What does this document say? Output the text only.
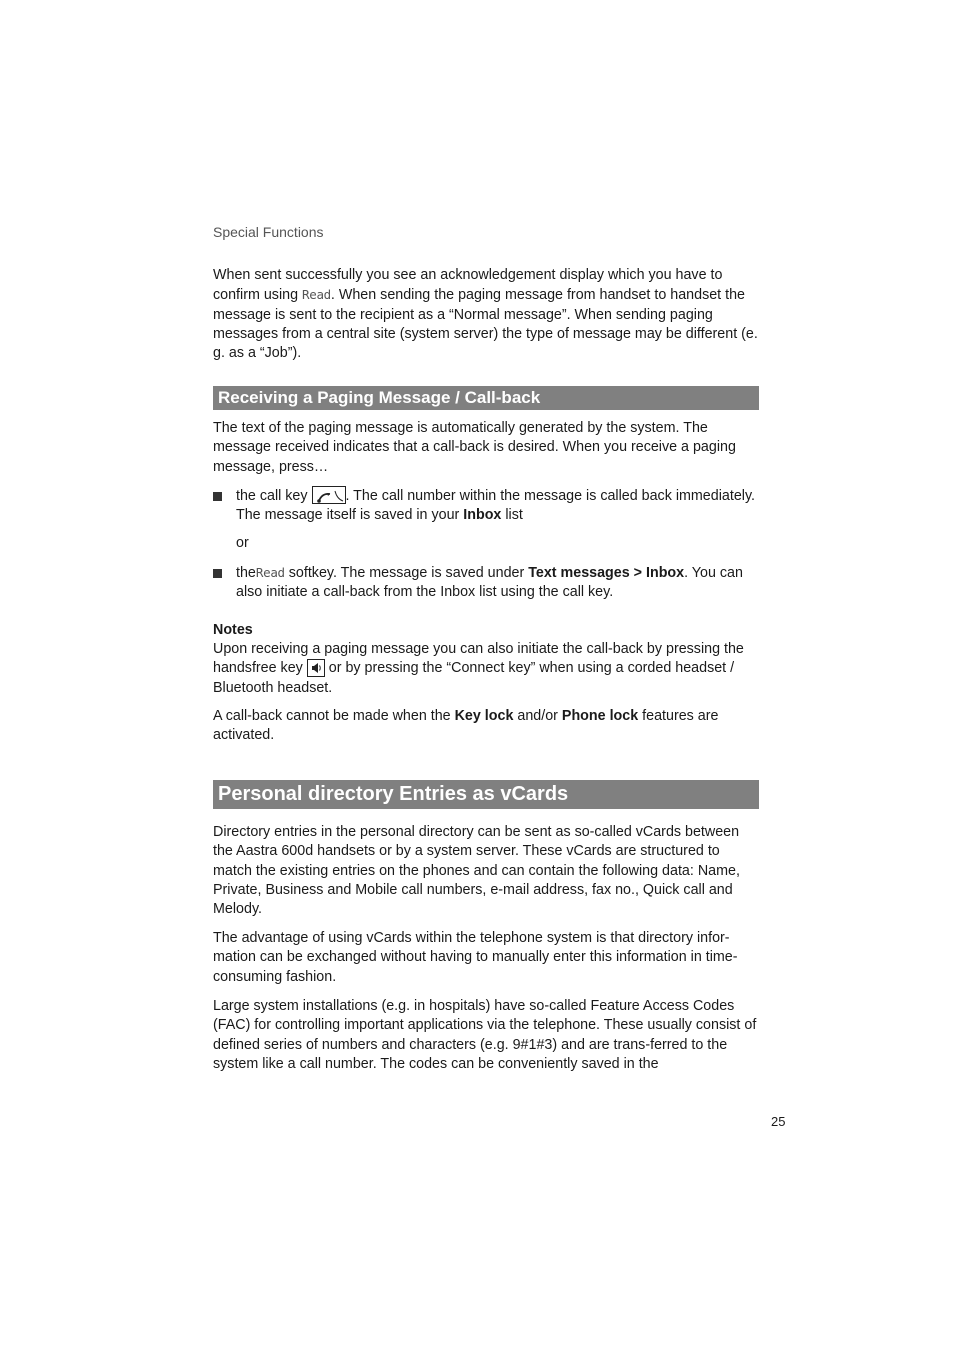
Special Functions

When sent successfully you see an acknowledgement display which you have to confirm using Read. When sending the paging message from handset to handset the message is sent to the recipient as a “Normal message”. When sending paging messages from a central site (system server) the type of message may be different (e. g. as a “Job”).

Receiving a Paging Message / Call-back

The text of the paging message is automatically generated by the system. The message received indicates that a call-back is desired. When you receive a paging message, press…

the call key
. The call number within the message is called back immediately. The message itself is saved in your Inbox list

or

theRead softkey. The message is saved under Text messages > Inbox. You can also initiate a call-back from the Inbox list using the call key.

Notes

Upon receiving a paging message you can also initiate the call-back by pressing the handsfree key  or by pressing the “Connect key” when using a corded headset / Bluetooth headset.

A call-back cannot be made when the Key lock and/or Phone lock features are activated.

Personal directory Entries as vCards

Directory entries in the personal directory can be sent as so-called vCards between the Aastra 600d handsets or by a system server. These vCards are structured to match the existing entries on the phones and can contain the following data: Name, Private, Business and Mobile call numbers, e-mail address, fax no., Quick call and Melody.

The advantage of using vCards within the telephone system is that directory infor-mation can be exchanged without having to manually enter this information in time-consuming fashion.

Large system installations (e.g. in hospitals) have so-called Feature Access Codes (FAC) for controlling important applications via the telephone. These usually consist of defined series of numbers and characters (e.g. 9#1#3) and are trans-ferred to the system like a call number. The codes can be conveniently saved in the

25
